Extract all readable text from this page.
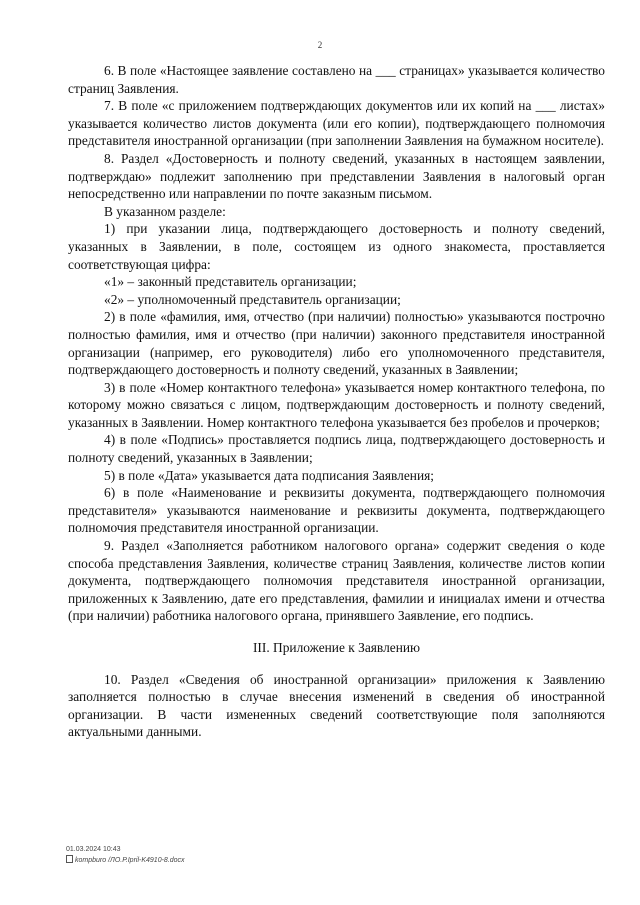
2

6. В поле «Настоящее заявление составлено на ___ страницах» указывается количество страниц Заявления.

7. В поле «с приложением подтверждающих документов или их копий на ___ листах» указывается количество листов документа (или его копии), подтверждающего полномочия представителя иностранной организации (при заполнении Заявления на бумажном носителе).

8. Раздел «Достоверность и полноту сведений, указанных в настоящем заявлении, подтверждаю» подлежит заполнению при представлении Заявления в налоговый орган непосредственно или направлении по почте заказным письмом.

В указанном разделе:

1) при указании лица, подтверждающего достоверность и полноту сведений, указанных в Заявлении, в поле, состоящем из одного знакоместа, проставляется соответствующая цифра:

«1» – законный представитель организации;

«2» – уполномоченный представитель организации;

2) в поле «фамилия, имя, отчество (при наличии) полностью» указываются построчно полностью фамилия, имя и отчество (при наличии) законного представителя иностранной организации (например, его руководителя) либо его уполномоченного представителя, подтверждающего достоверность и полноту сведений, указанных в Заявлении;

3) в поле «Номер контактного телефона» указывается номер контактного телефона, по которому можно связаться с лицом, подтверждающим достоверность и полноту сведений, указанных в Заявлении. Номер контактного телефона указывается без пробелов и прочерков;

4) в поле «Подпись» проставляется подпись лица, подтверждающего достоверность и полноту сведений, указанных в Заявлении;

5) в поле «Дата» указывается дата подписания Заявления;

6) в поле «Наименование и реквизиты документа, подтверждающего полномочия представителя» указываются наименование и реквизиты документа, подтверждающего полномочия представителя иностранной организации.

9. Раздел «Заполняется работником налогового органа» содержит сведения о коде способа представления Заявления, количестве страниц Заявления, количестве листов копии документа, подтверждающего полномочия представителя иностранной организации, приложенных к Заявлению, дате его представления, фамилии и инициалах имени и отчества (при наличии) работника налогового органа, принявшего Заявление, его подпись.

III. Приложение к Заявлению

10. Раздел «Сведения об иностранной организации» приложения к Заявлению заполняется полностью в случае внесения изменений в сведения об иностранной организации. В части измененных сведений соответствующие поля заполняются актуальными данными.

01.03.2024 10:43
kompburo /ЛО.Р.Ipril-K4910-8.docx
